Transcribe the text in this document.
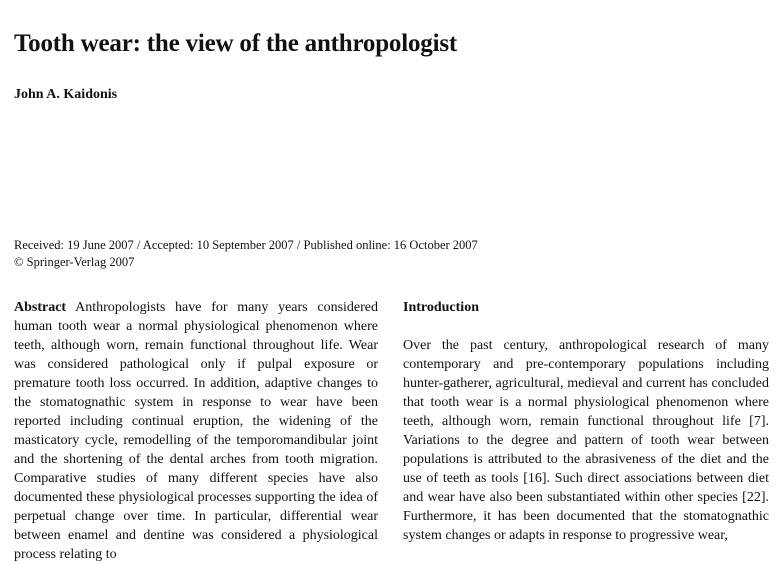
Tooth wear: the view of the anthropologist
John A. Kaidonis
Received: 19 June 2007 / Accepted: 10 September 2007 / Published online: 16 October 2007
© Springer-Verlag 2007

Abstract Anthropologists have for many years considered human tooth wear a normal physiological phenomenon where teeth, although worn, remain functional throughout life. Wear was considered pathological only if pulpal exposure or premature tooth loss occurred. In addition, adaptive changes to the stomatognathic system in response to wear have been reported including continual eruption, the widening of the masticatory cycle, remodelling of the temporomandibular joint and the shortening of the dental arches from tooth migration. Comparative studies of many different species have also documented these physiological processes supporting the idea of perpetual change over time. In particular, differential wear between enamel and dentine was considered a physiological process relating to

Introduction

Over the past century, anthropological research of many contemporary and pre-contemporary populations including hunter-gatherer, agricultural, medieval and current has concluded that tooth wear is a normal physiological phenomenon where teeth, although worn, remain functional throughout life [7]. Variations to the degree and pattern of tooth wear between populations is attributed to the abrasiveness of the diet and the use of teeth as tools [16]. Such direct associations between diet and wear have also been substantiated within other species [22]. Furthermore, it has been documented that the stomatognathic system changes or adapts in response to progressive wear,
